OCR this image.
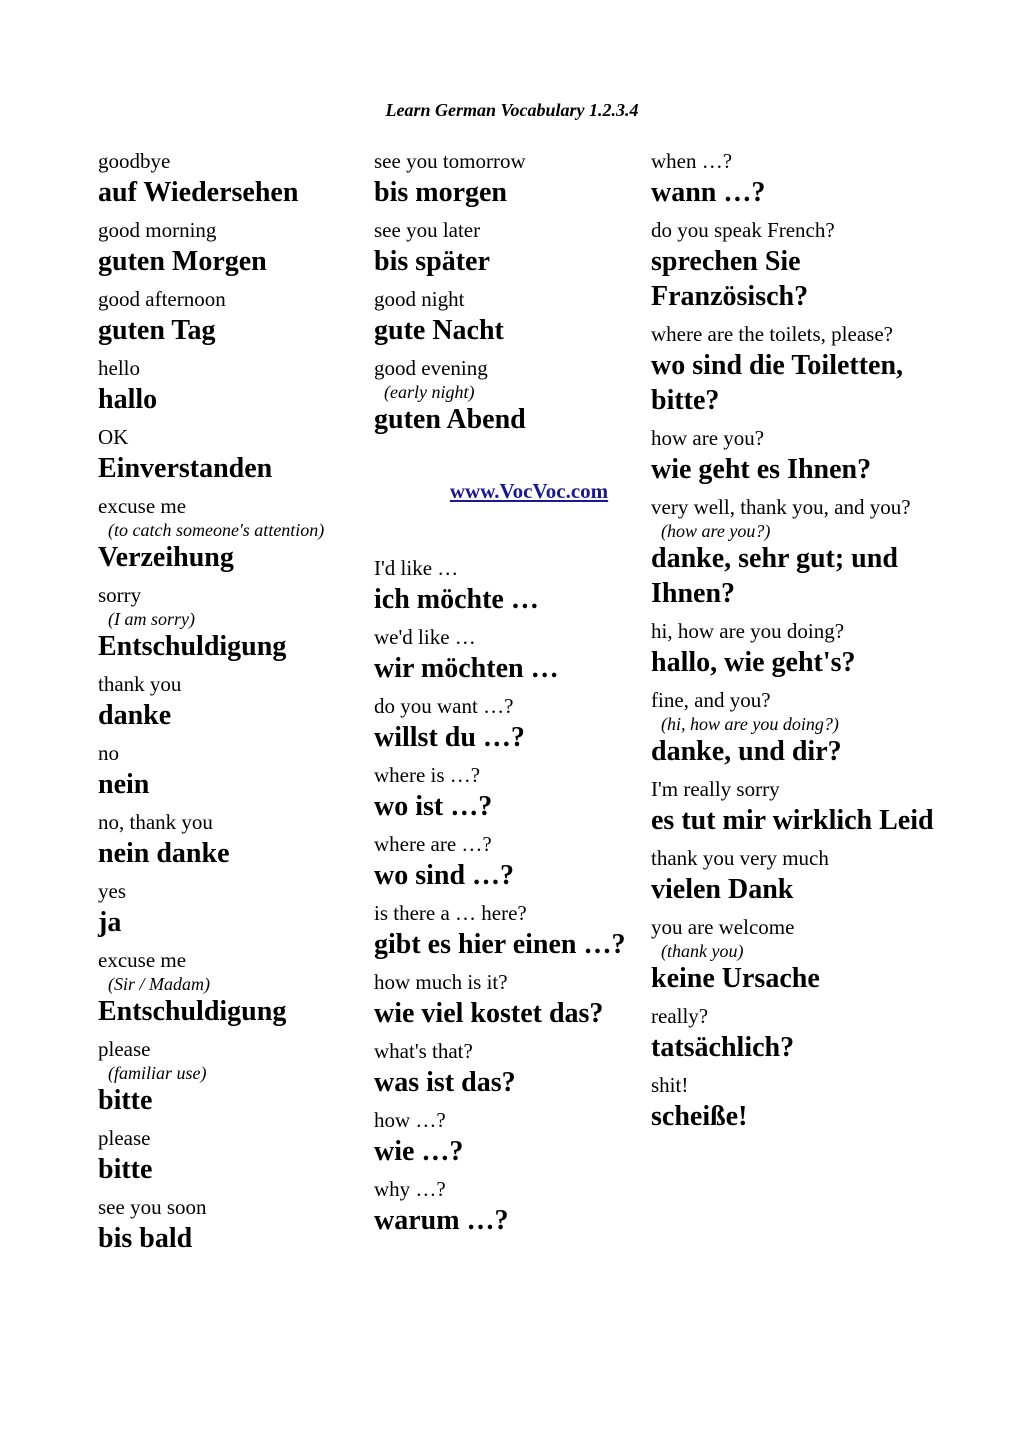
Learn German Vocabulary 1.2.3.4
goodbye
auf Wiedersehen
good morning
guten Morgen
good afternoon
guten Tag
hello
hallo
OK
Einverstanden
excuse me
(to catch someone's attention)
Verzeihung
sorry
(I am sorry)
Entschuldigung
thank you
danke
no
nein
no, thank you
nein danke
yes
ja
excuse me
(Sir / Madam)
Entschuldigung
please
(familiar use)
bitte
please
bitte
see you soon
bis bald
see you tomorrow
bis morgen
see you later
bis später
good night
gute Nacht
good evening
(early night)
guten Abend
www.VocVoc.com
I'd like …
ich möchte …
we'd like …
wir möchten …
do you want …?
willst du …?
where is …?
wo ist …?
where are …?
wo sind …?
is there a … here?
gibt es hier einen …?
how much is it?
wie viel kostet das?
what's that?
was ist das?
how …?
wie …?
why …?
warum …?
when …?
wann …?
do you speak French?
sprechen Sie Französisch?
where are the toilets, please?
wo sind die Toiletten, bitte?
how are you?
wie geht es Ihnen?
very well, thank you, and you?
(how are you?)
danke, sehr gut; und Ihnen?
hi, how are you doing?
hallo, wie geht's?
fine, and you?
(hi, how are you doing?)
danke, und dir?
I'm really sorry
es tut mir wirklich Leid
thank you very much
vielen Dank
you are welcome
(thank you)
keine Ursache
really?
tatsächlich?
shit!
scheiße!
